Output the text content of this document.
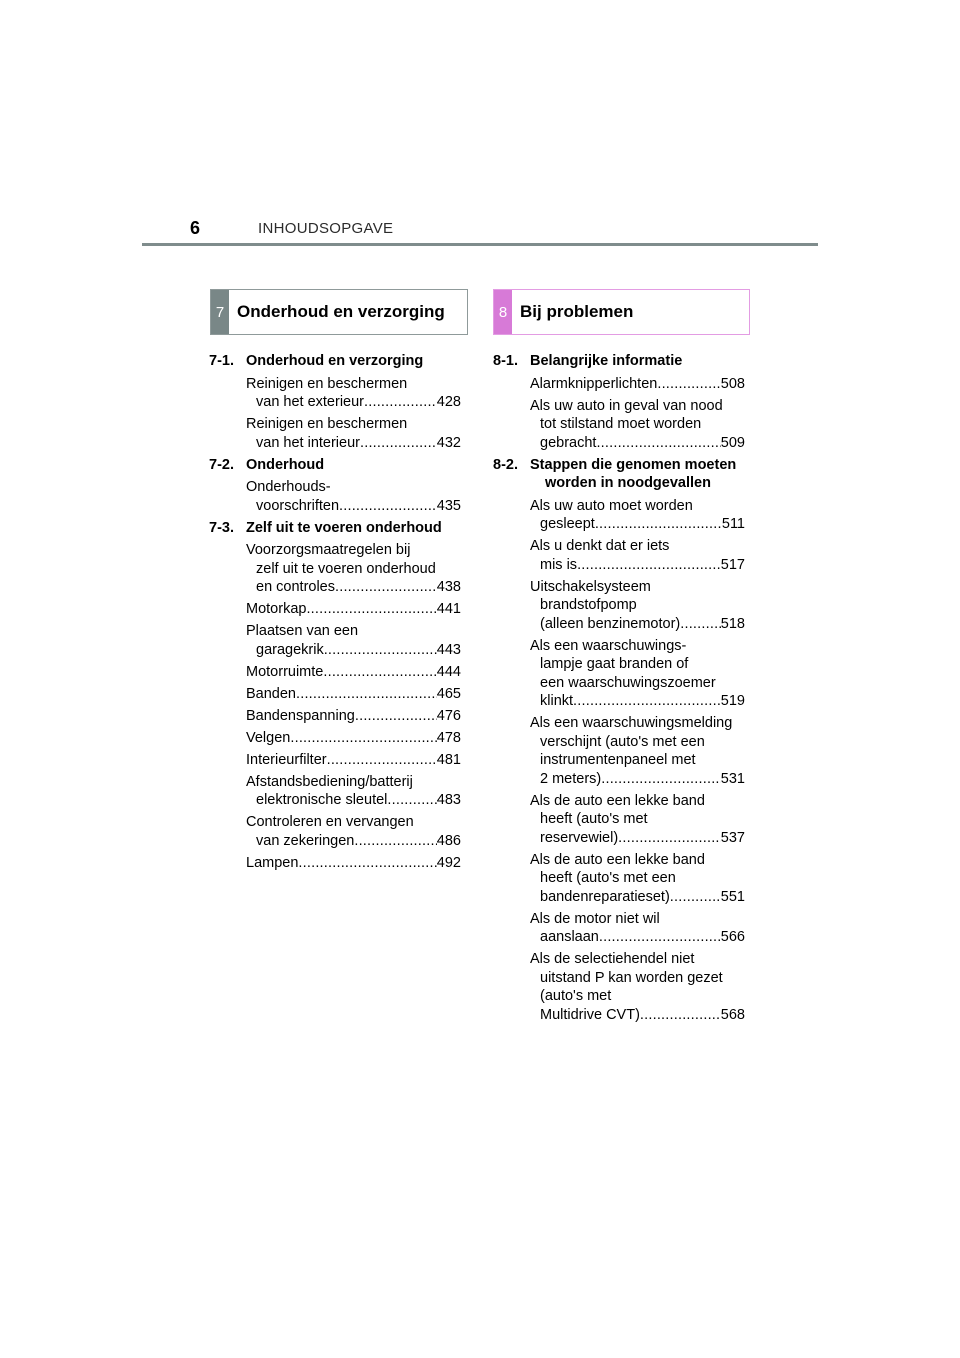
6	INHOUDSOPGAVE
7 Onderhoud en verzorging	8 Bij problemen
7-1. Onderhoud en verzorging
Reinigen en beschermen
van het exterieur .....	428
Reinigen en beschermen
van het interieur .....	432
7-2. Onderhoud
Onderhouds-
voorschriften .....	435
7-3. Zelf uit te voeren onderhoud
Voorzorgsmaatregelen bij
zelf uit te voeren onderhoud
en controles .....	438
Motorkap .....	441
Plaatsen van een
garagekrik .....	443
Motorruimte .....	444
Banden .....	465
Bandenspanning .....	476
Velgen .....	478
Interieurfilter .....	481
Afstandsbediening/batterij
elektronische sleutel .....	483
Controleren en vervangen
van zekeringen .....	486
Lampen .....	492
8-1. Belangrijke informatie
Alarmknipperlichten .....	508
Als uw auto in geval van nood
tot stilstand moet worden
gebracht .....	509
8-2. Stappen die genomen moeten worden in noodgevallen
Als uw auto moet worden
gesleept .....	511
Als u denkt dat er iets
mis is .....	517
Uitschakelsysteem
brandstofpomp
(alleen benzinemotor) .....	518
Als een waarschuwings-
lampje gaat branden of
een waarschuwingszoemer
klinkt .....	519
Als een waarschuwingsmelding
verschijnt (auto's met een
instrumentenpaneel met
2 meters) .....	531
Als de auto een lekke band
heeft (auto's met
reservewiel) .....	537
Als de auto een lekke band
heeft (auto's met een
bandenreparatieset) .....	551
Als de motor niet wil
aanslaan .....	566
Als de selectiehendel niet
uitstand P kan worden gezet
(auto's met
Multidrive CVT) .....	568
